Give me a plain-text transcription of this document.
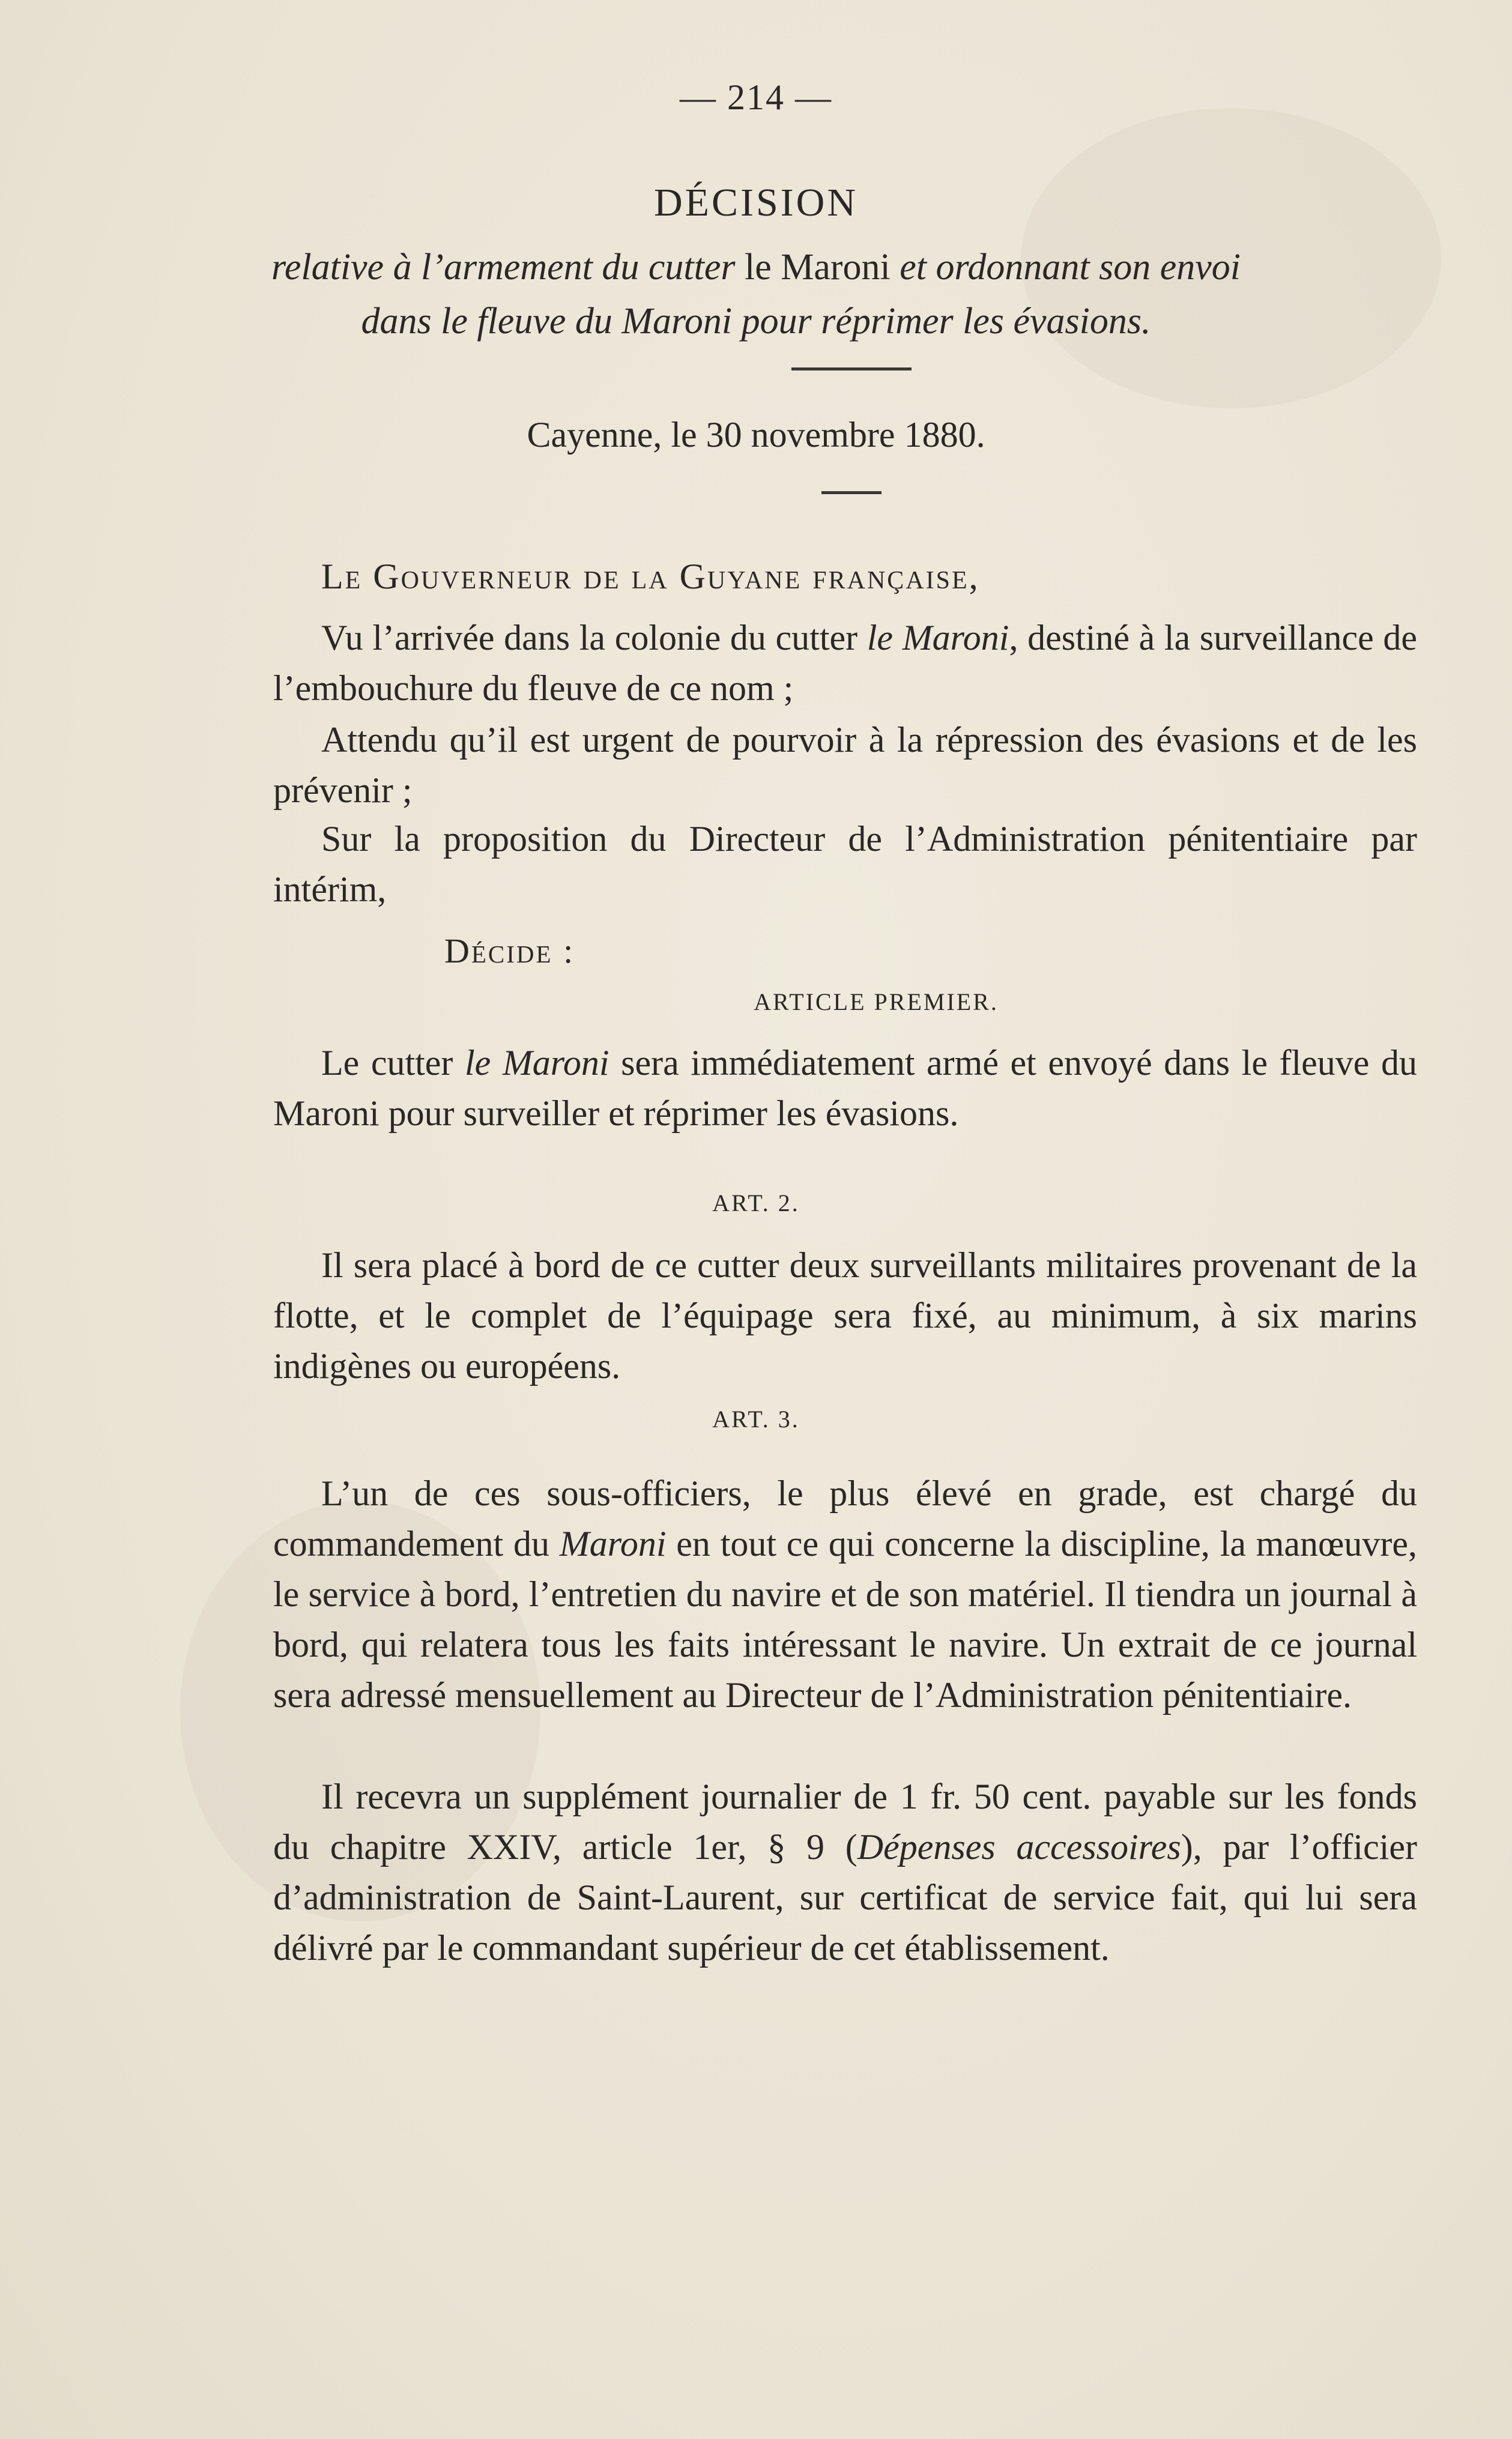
— 214 —
DÉCISION
relative à l’armement du cutter le Maroni et ordonnant son envoi
dans le fleuve du Maroni pour réprimer les évasions.
Cayenne, le 30 novembre 1880.
Le Gouverneur de la Guyane française,
Vu l’arrivée dans la colonie du cutter le Maroni, destiné à la surveillance de l’embouchure du fleuve de ce nom ;
Attendu qu’il est urgent de pourvoir à la répression des évasions et de les prévenir ;
Sur la proposition du Directeur de l’Administration pénitentiaire par intérim,
Décide :
ARTICLE PREMIER.
Le cutter le Maroni sera immédiatement armé et envoyé dans le fleuve du Maroni pour surveiller et réprimer les évasions.
ART. 2.
Il sera placé à bord de ce cutter deux surveillants militaires provenant de la flotte, et le complet de l’équipage sera fixé, au minimum, à six marins indigènes ou européens.
ART. 3.
L’un de ces sous-officiers, le plus élevé en grade, est chargé du commandement du Maroni en tout ce qui concerne la discipline, la manœuvre, le service à bord, l’entretien du navire et de son matériel. Il tiendra un journal à bord, qui relatera tous les faits intéressant le navire. Un extrait de ce journal sera adressé mensuellement au Directeur de l’Administration pénitentiaire.
Il recevra un supplément journalier de 1 fr. 50 cent. payable sur les fonds du chapitre XXIV, article 1er, § 9 (Dépenses accessoires), par l’officier d’administration de Saint-Laurent, sur certificat de service fait, qui lui sera délivré par le commandant supérieur de cet établissement.
